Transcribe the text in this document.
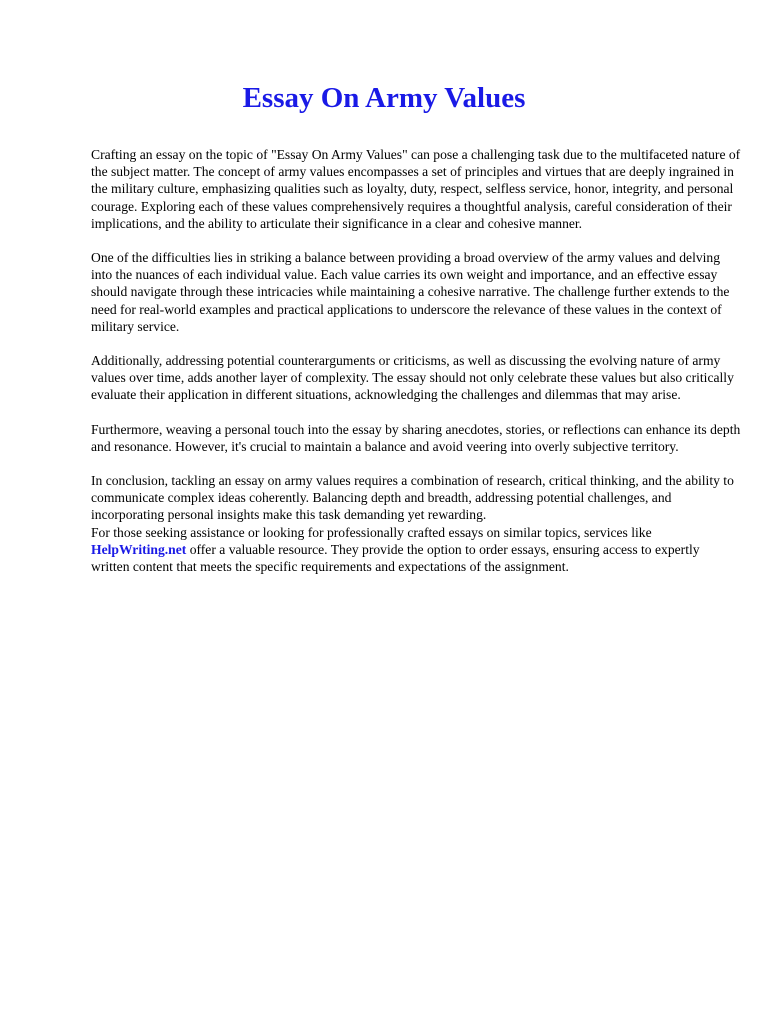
Essay On Army Values

Crafting an essay on the topic of "Essay On Army Values" can pose a challenging task due to the multifaceted nature of the subject matter. The concept of army values encompasses a set of principles and virtues that are deeply ingrained in the military culture, emphasizing qualities such as loyalty, duty, respect, selfless service, honor, integrity, and personal courage. Exploring each of these values comprehensively requires a thoughtful analysis, careful consideration of their implications, and the ability to articulate their significance in a clear and cohesive manner.

One of the difficulties lies in striking a balance between providing a broad overview of the army values and delving into the nuances of each individual value. Each value carries its own weight and importance, and an effective essay should navigate through these intricacies while maintaining a cohesive narrative. The challenge further extends to the need for real-world examples and practical applications to underscore the relevance of these values in the context of military service.

Additionally, addressing potential counterarguments or criticisms, as well as discussing the evolving nature of army values over time, adds another layer of complexity. The essay should not only celebrate these values but also critically evaluate their application in different situations, acknowledging the challenges and dilemmas that may arise.

Furthermore, weaving a personal touch into the essay by sharing anecdotes, stories, or reflections can enhance its depth and resonance. However, it's crucial to maintain a balance and avoid veering into overly subjective territory.

In conclusion, tackling an essay on army values requires a combination of research, critical thinking, and the ability to communicate complex ideas coherently. Balancing depth and breadth, addressing potential challenges, and incorporating personal insights make this task demanding yet rewarding.
For those seeking assistance or looking for professionally crafted essays on similar topics, services like HelpWriting.net offer a valuable resource. They provide the option to order essays, ensuring access to expertly written content that meets the specific requirements and expectations of the assignment.
